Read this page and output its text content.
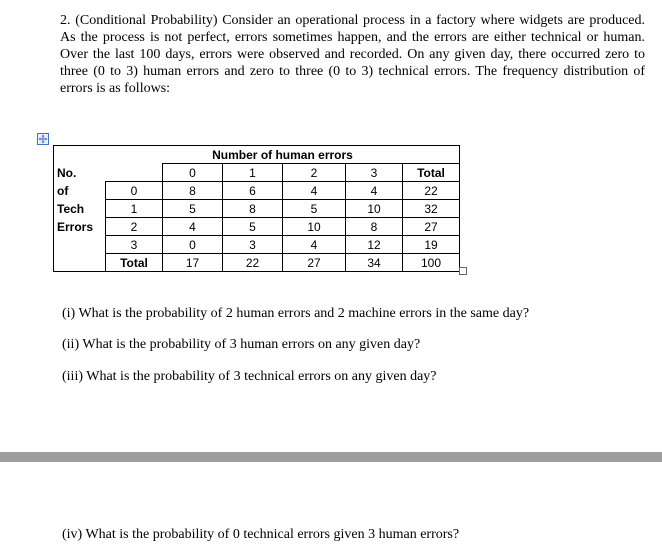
2. (Conditional Probability) Consider an operational process in a factory where widgets are produced. As the process is not perfect, errors sometimes happen, and the errors are either technical or human. Over the last 100 days, errors were observed and recorded. On any given day, there occurred zero to three (0 to 3) human errors and zero to three (0 to 3) technical errors. The frequency distribution of errors is as follows:
		Number of human errors				
No.		0	1	2	3	Total
of	0	8	6	4	4	22
Tech	1	5	8	5	10	32
Errors	2	4	5	10	8	27
	3	0	3	4	12	19
	Total	17	22	27	34	100
(i) What is the probability of 2 human errors and 2 machine errors in the same day?
(ii) What is the probability of 3 human errors on any given day?
(iii) What is the probability of 3 technical errors on any given day?
(iv) What is the probability of 0 technical errors given 3 human errors?
